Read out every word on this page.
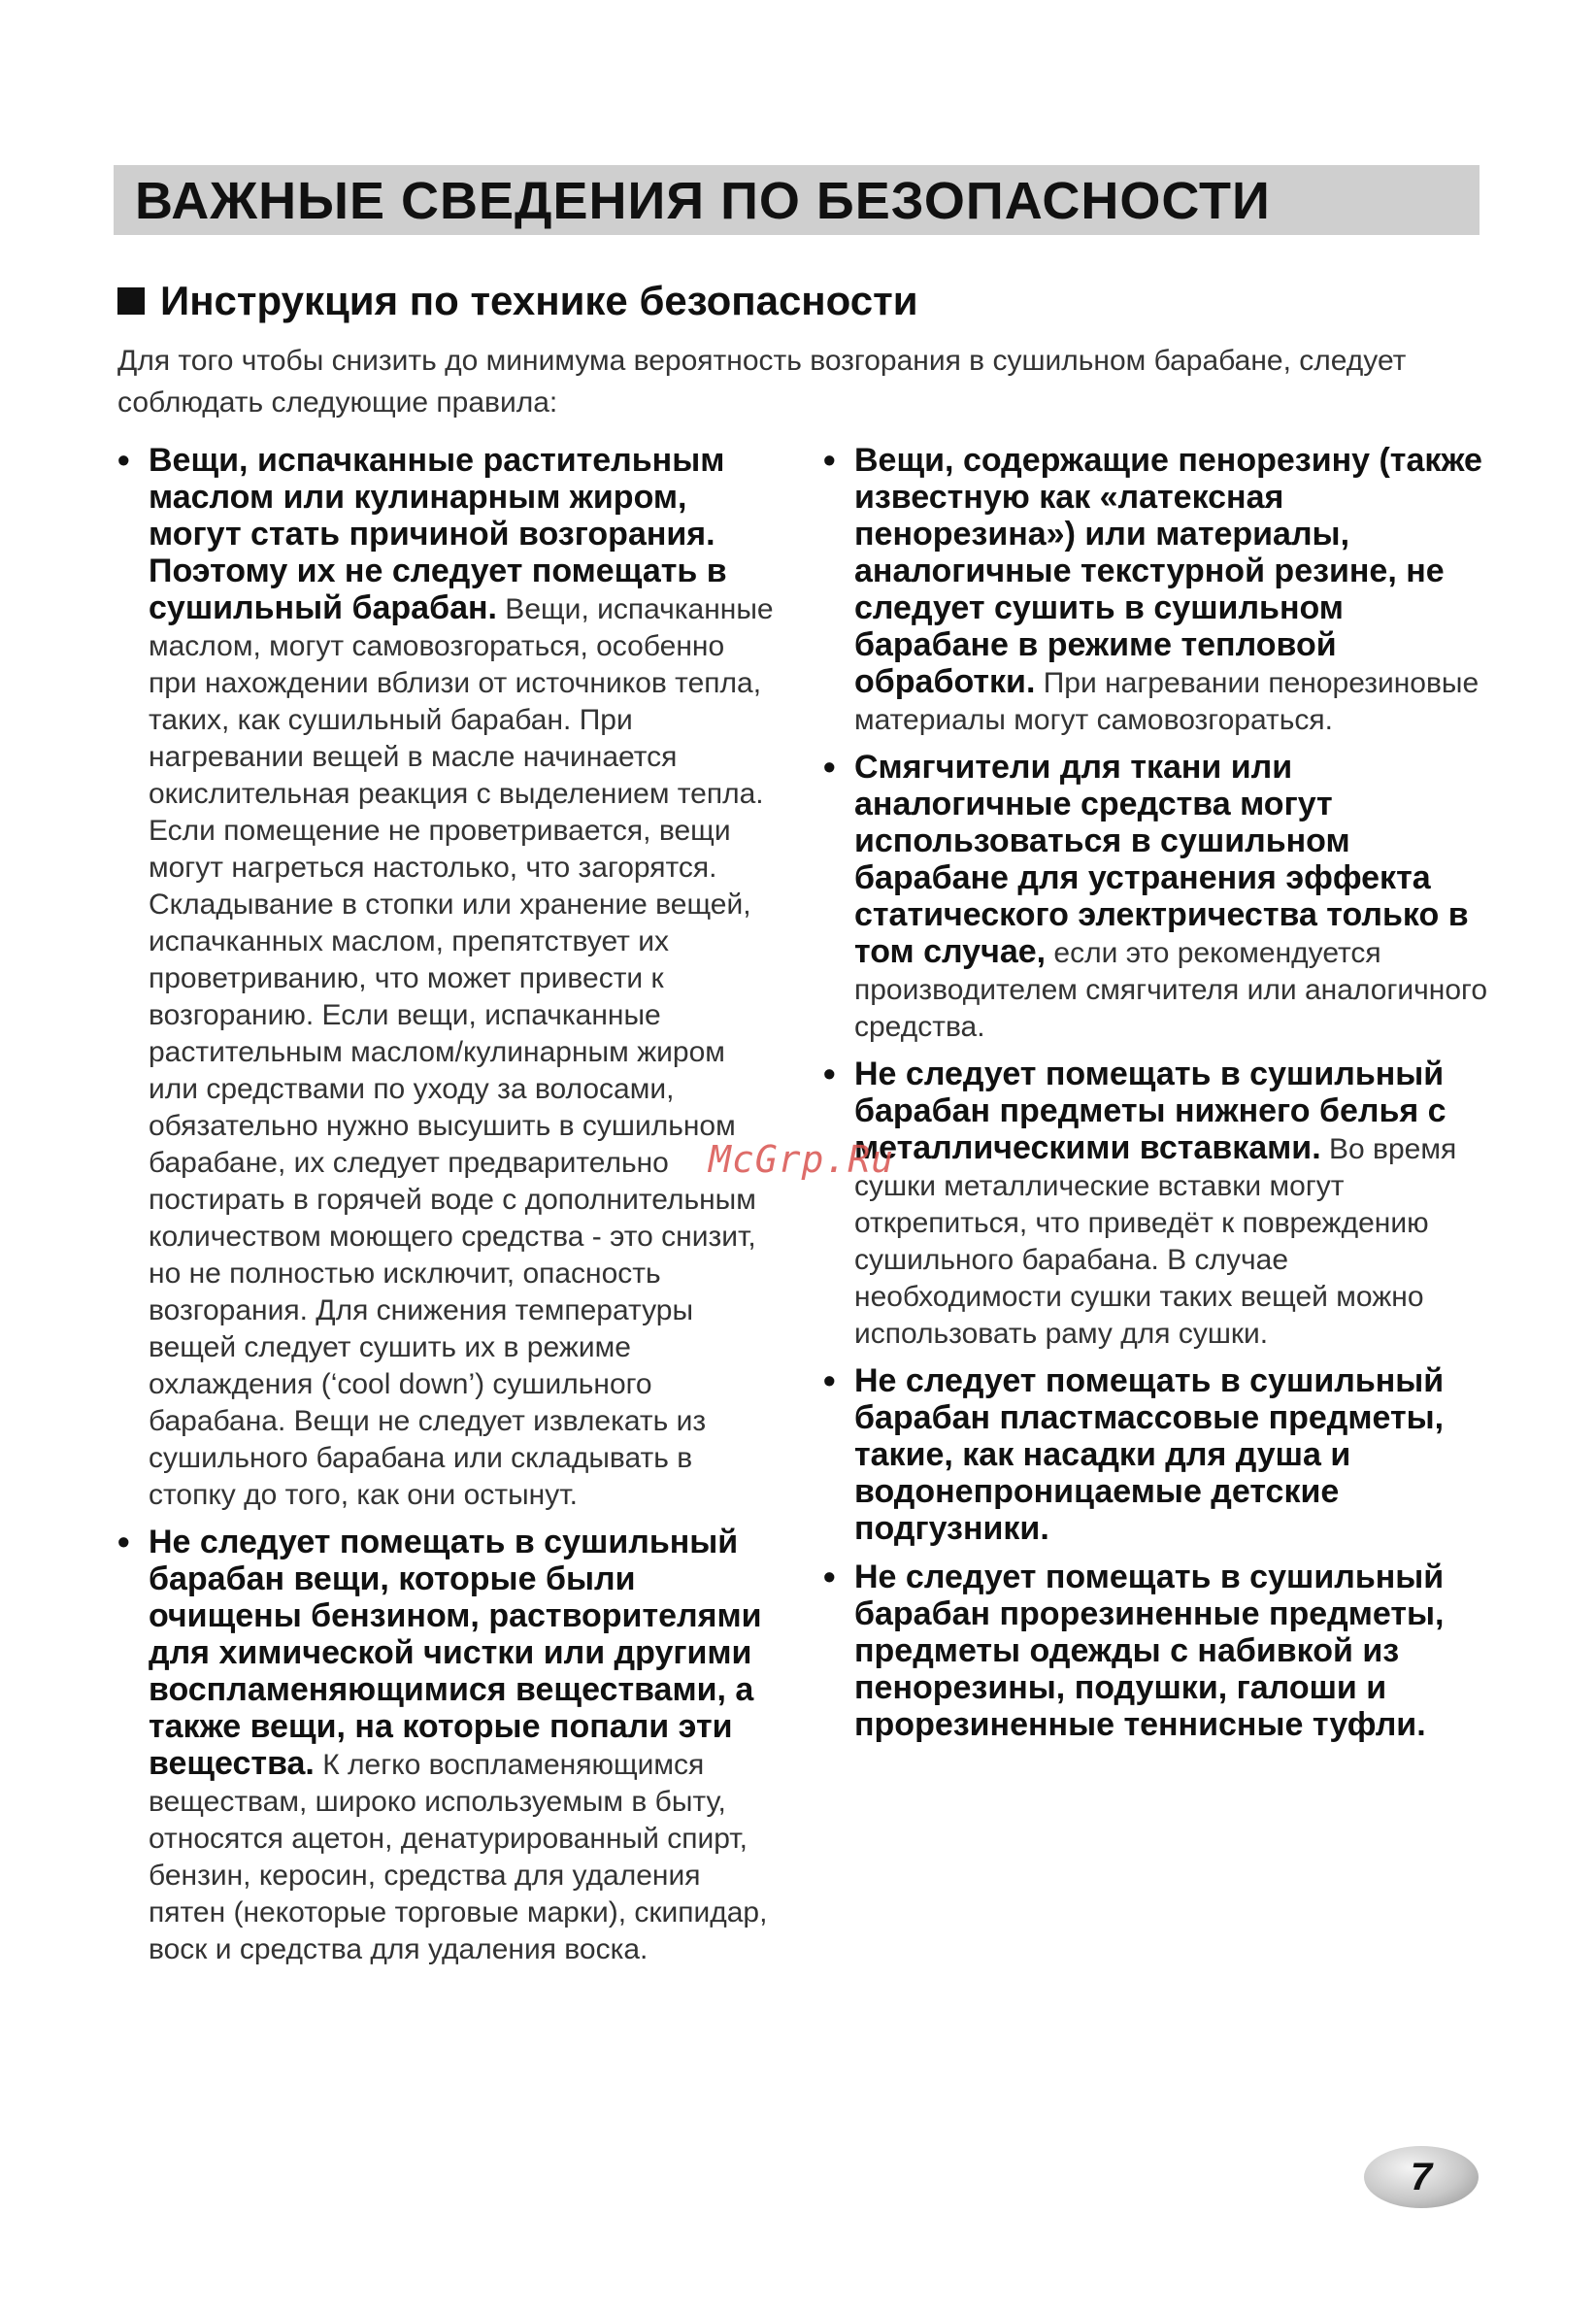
ВАЖНЫЕ СВЕДЕНИЯ ПО БЕЗОПАСНОСТИ
Инструкция по технике безопасности
Для того чтобы снизить до минимума вероятность возгорания в сушильном барабане, следует соблюдать следующие правила:
• Вещи, испачканные растительным маслом или кулинарным жиром, могут стать причиной возгорания. Поэтому их не следует помещать в сушильный барабан. Вещи, испачканные маслом, могут самовозгораться, особенно при нахождении вблизи от источников тепла, таких, как сушильный барабан. При нагревании вещей в масле начинается окислительная реакция с выделением тепла. Если помещение не проветривается, вещи могут нагреться настолько, что загорятся. Складывание в стопки или хранение вещей, испачканных маслом, препятствует их проветриванию, что может привести к возгоранию. Если вещи, испачканные растительным маслом/кулинарным жиром или средствами по уходу за волосами, обязательно нужно высушить в сушильном барабане, их следует предварительно постирать в горячей воде с дополнительным количеством моющего средства - это снизит, но не полностью исключит, опасность возгорания. Для снижения температуры вещей следует сушить их в режиме охлаждения (‘cool down’) сушильного барабана. Вещи не следует извлекать из сушильного барабана или складывать в стопку до того, как они остынут.
• Не следует помещать в сушильный барабан вещи, которые были очищены бензином, растворителями для химической чистки или другими воспламеняющимися веществами, а также вещи, на которые попали эти вещества. К легко воспламеняющимся веществам, широко используемым в быту, относятся ацетон, денатурированный спирт, бензин, керосин, средства для удаления пятен (некоторые торговые марки), скипидар, воск и средства для удаления воска.
• Вещи, содержащие пенорезину (также известную как «латексная пенорезина») или материалы, аналогичные текстурной резине, не следует сушить в сушильном барабане в режиме тепловой обработки. При нагревании пенорезиновые материалы могут самовозгораться.
• Смягчители для ткани или аналогичные средства могут использоваться в сушильном барабане для устранения эффекта статического электричества только в том случае, если это рекомендуется производителем смягчителя или аналогичного средства.
• Не следует помещать в сушильный барабан предметы нижнего белья с металлическими вставками. Во время сушки металлические вставки могут открепиться, что приведёт к повреждению сушильного барабана. В случае необходимости сушки таких вещей можно использовать раму для сушки.
• Не следует помещать в сушильный барабан пластмассовые предметы, такие, как насадки для душа и водонепроницаемые детские подгузники.
• Не следует помещать в сушильный барабан прорезиненные предметы, предметы одежды с набивкой из пенорезины, подушки, галоши и прорезиненные теннисные туфли.
McGrp.Ru
7
